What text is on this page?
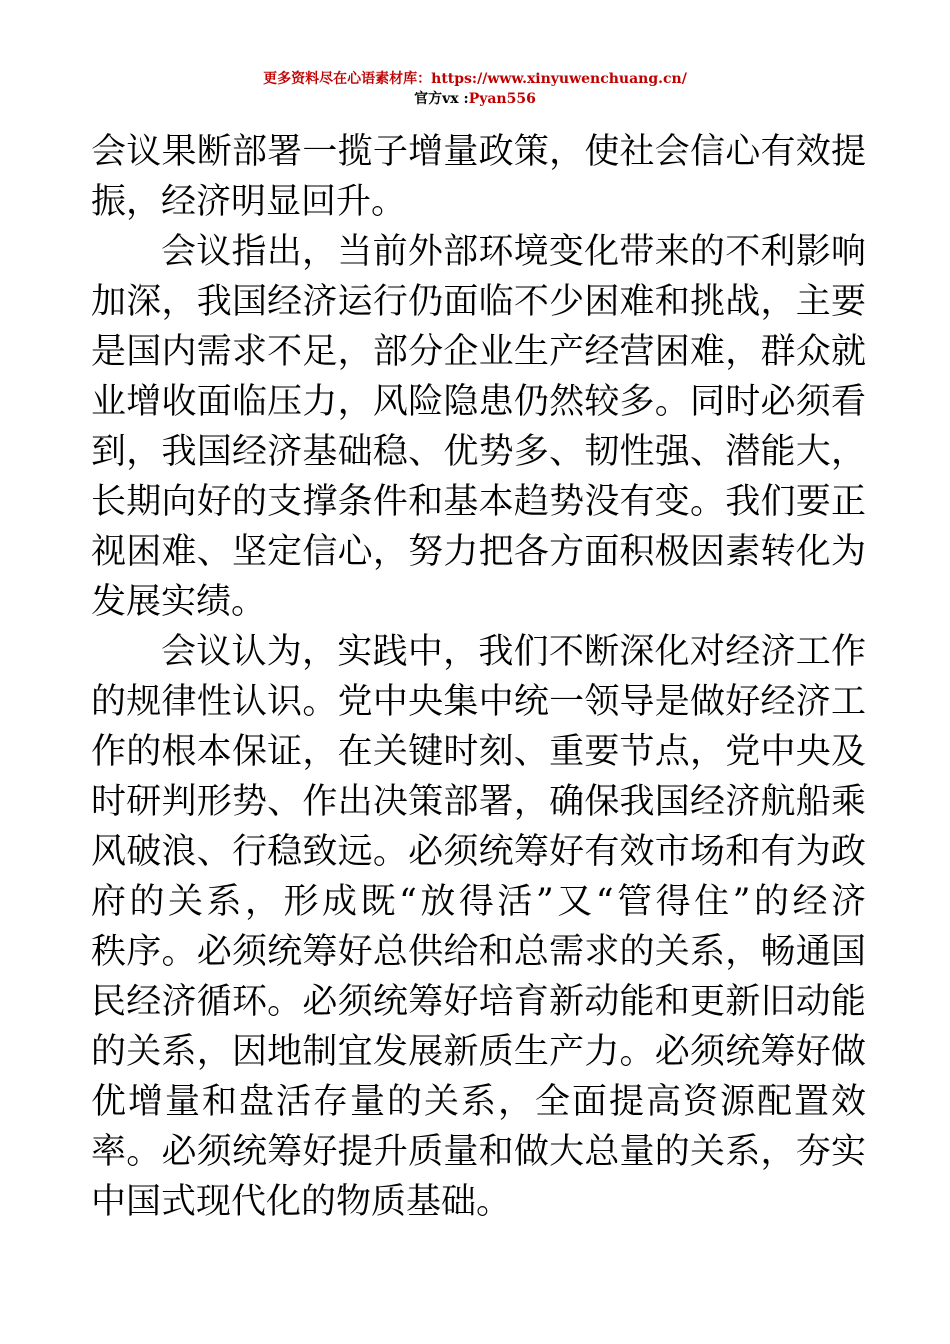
更多资料尽在心语素材库：https://www.xinyuwenchuang.cn/
官方vx :Pyan556
会议果断部署一揽子增量政策，使社会信心有效提
振，经济明显回升。
会议指出，当前外部环境变化带来的不利影响
加深，我国经济运行仍面临不少困难和挑战，主要
是国内需求不足，部分企业生产经营困难，群众就
业增收面临压力，风险隐患仍然较多。同时必须看
到，我国经济基础稳、优势多、韧性强、潜能大，
长期向好的支撑条件和基本趋势没有变。我们要正
视困难、坚定信心，努力把各方面积极因素转化为
发展实绩。
会议认为，实践中，我们不断深化对经济工作
的规律性认识。党中央集中统一领导是做好经济工
作的根本保证，在关键时刻、重要节点，党中央及
时研判形势、作出决策部署，确保我国经济航船乘
风破浪、行稳致远。必须统筹好有效市场和有为政
府的关系，形成既“放得活”又“管得住”的经济
秩序。必须统筹好总供给和总需求的关系，畅通国
民经济循环。必须统筹好培育新动能和更新旧动能
的关系，因地制宜发展新质生产力。必须统筹好做
优增量和盘活存量的关系，全面提高资源配置效
率。必须统筹好提升质量和做大总量的关系，夯实
中国式现代化的物质基础。
